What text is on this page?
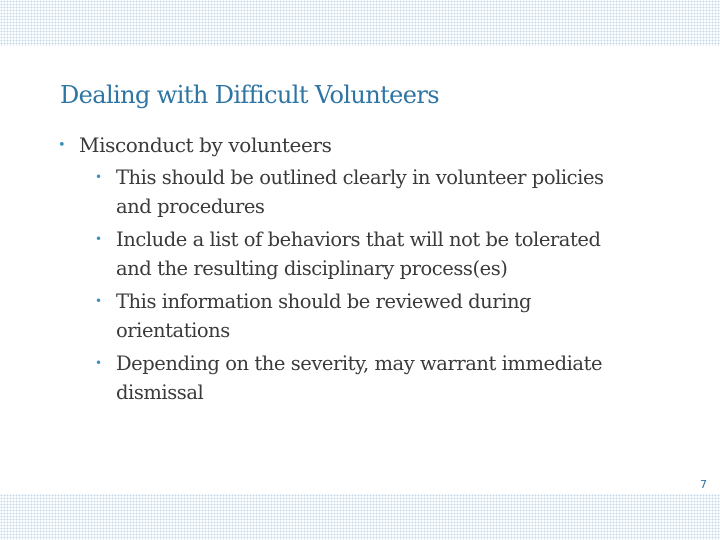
Dealing with Difficult Volunteers
• Misconduct by volunteers
• This should be outlined clearly in volunteer policies
and procedures
• Include a list of behaviors that will not be tolerated
and the resulting disciplinary process(es)
• This information should be reviewed during
orientations
• Depending on the severity, may warrant immediate
dismissal
7
